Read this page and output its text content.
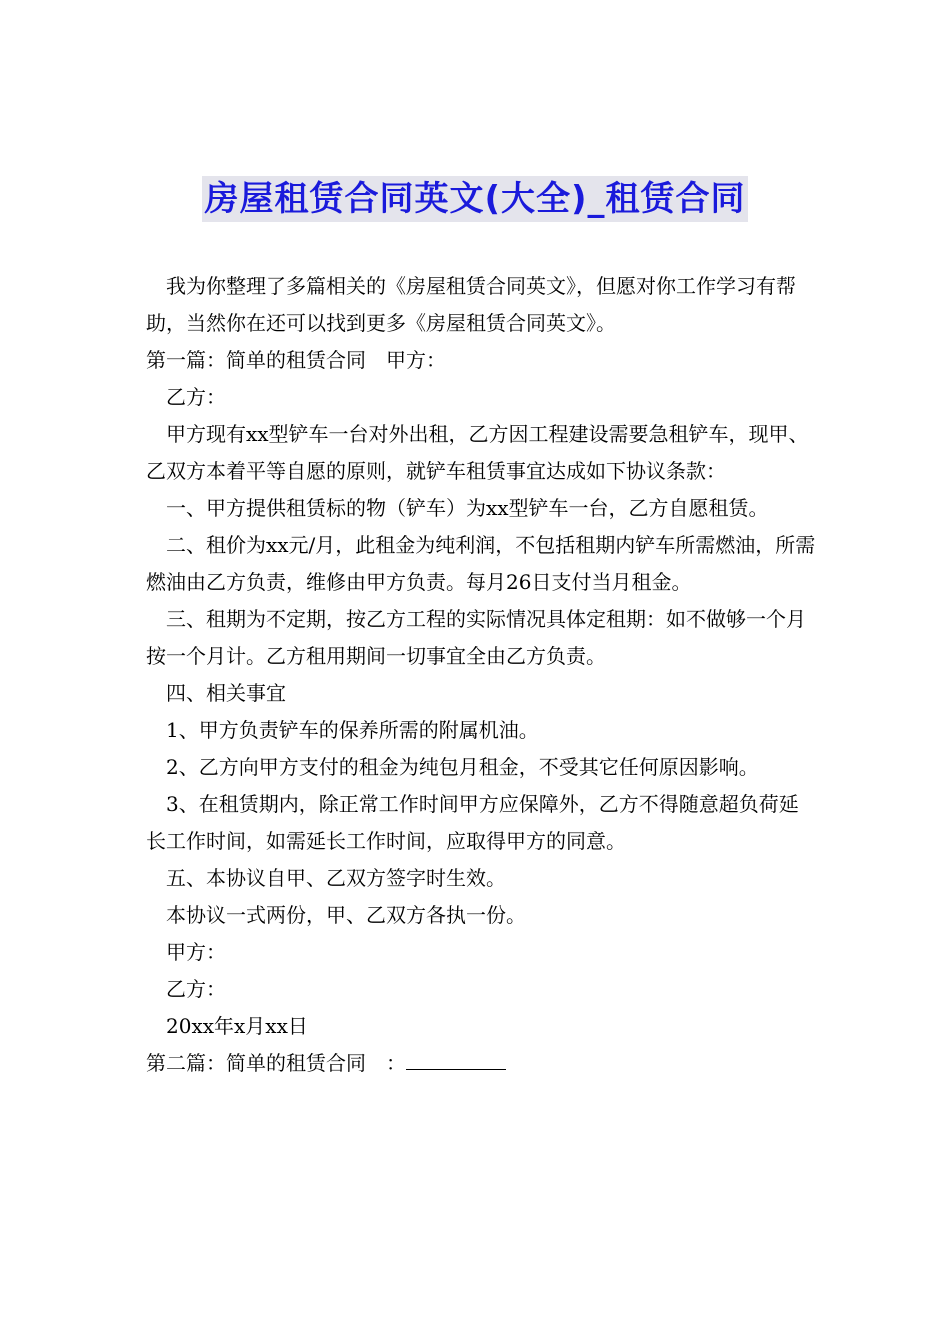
房屋租赁合同英文(大全)_租赁合同

我为你整理了多篇相关的《房屋租赁合同英文》，但愿对你工作学习有帮助，当然你在还可以找到更多《房屋租赁合同英文》。

第一篇：简单的租赁合同　甲方：

乙方：

甲方现有xx型铲车一台对外出租，乙方因工程建设需要急租铲车，现甲、乙双方本着平等自愿的原则，就铲车租赁事宜达成如下协议条款：

一、甲方提供租赁标的物（铲车）为xx型铲车一台，乙方自愿租赁。

二、租价为xx元/月，此租金为纯利润，不包括租期内铲车所需燃油，所需燃油由乙方负责，维修由甲方负责。每月26日支付当月租金。

三、租期为不定期，按乙方工程的实际情况具体定租期：如不做够一个月按一个月计。乙方租用期间一切事宜全由乙方负责。

四、相关事宜

1、甲方负责铲车的保养所需的附属机油。

2、乙方向甲方支付的租金为纯包月租金，不受其它任何原因影响。

3、在租赁期内，除正常工作时间甲方应保障外，乙方不得随意超负荷延长工作时间，如需延长工作时间，应取得甲方的同意。

五、本协议自甲、乙双方签字时生效。

本协议一式两份，甲、乙双方各执一份。

甲方：

乙方：

20xx年x月xx日

第二篇：简单的租赁合同　：
